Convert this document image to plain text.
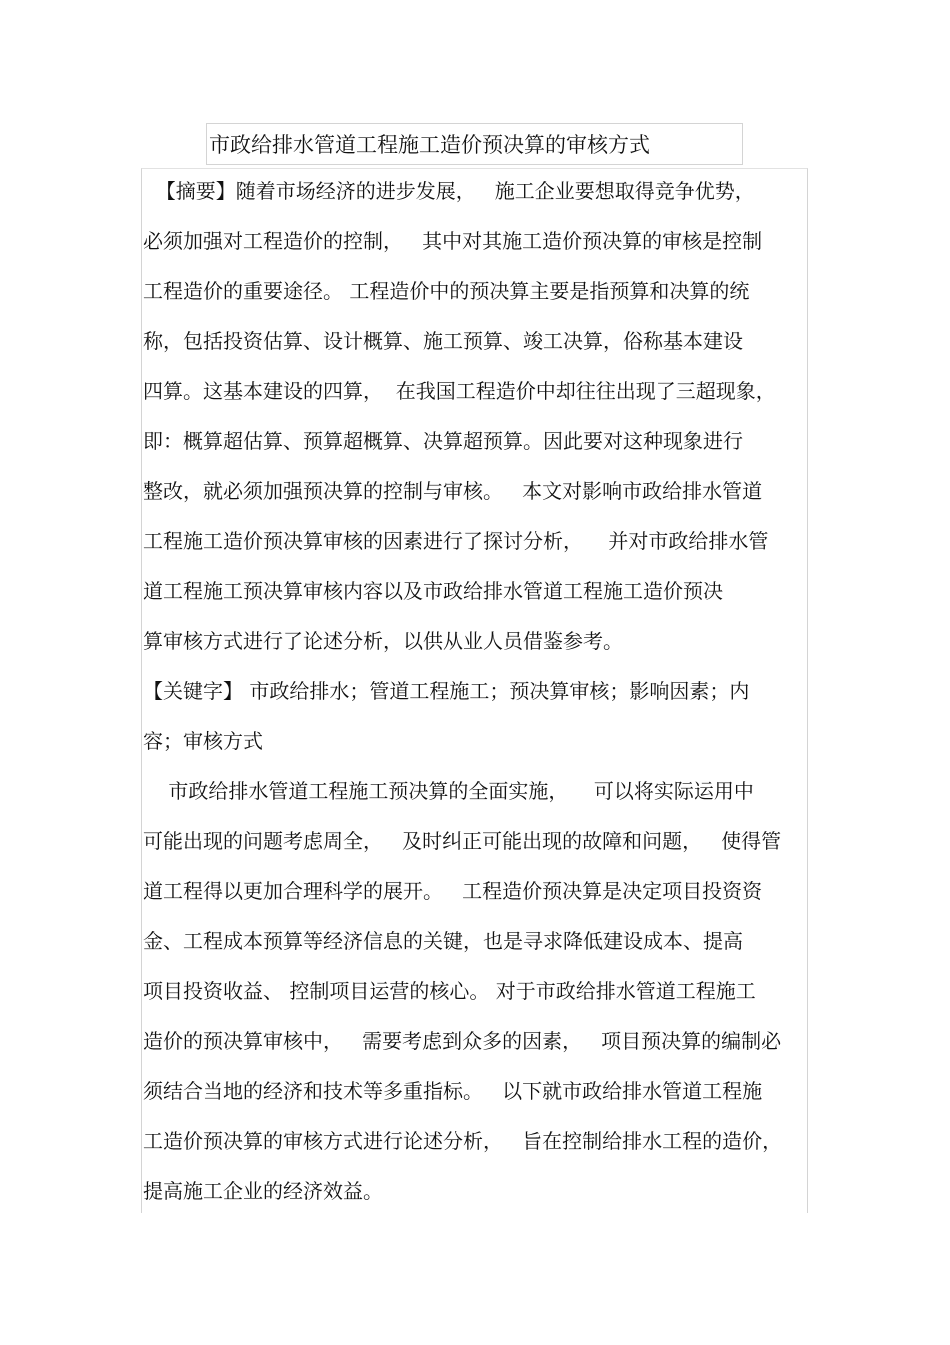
市政给排水管道工程施工造价预决算的审核方式
【摘要】随着市场经济的进步发展，   施工企业要想取得竞争优势，
必须加强对工程造价的控制，   其中对其施工造价预决算的审核是控制
工程造价的重要途径。 工程造价中的预决算主要是指预算和决算的统
称，包括投资估算、设计概算、施工预算、竣工决算，俗称基本建设
四算。这基本建设的四算，  在我国工程造价中却往往出现了三超现象，
即：概算超估算、预算超概算、决算超预算。因此要对这种现象进行
整改，就必须加强预决算的控制与审核。   本文对影响市政给排水管道
工程施工造价预决算审核的因素进行了探讨分析，    并对市政给排水管
道工程施工预决算审核内容以及市政给排水管道工程施工造价预决
算审核方式进行了论述分析，以供从业人员借鉴参考。
【关键字】 市政给排水；管道工程施工；预决算审核；影响因素；内
容；审核方式
市政给排水管道工程施工预决算的全面实施，    可以将实际运用中
可能出现的问题考虑周全，   及时纠正可能出现的故障和问题，   使得管
道工程得以更加合理科学的展开。   工程造价预决算是决定项目投资资
金、工程成本预算等经济信息的关键，也是寻求降低建设成本、提高
项目投资收益、 控制项目运营的核心。 对于市政给排水管道工程施工
造价的预决算审核中，   需要考虑到众多的因素，   项目预决算的编制必
须结合当地的经济和技术等多重指标。   以下就市政给排水管道工程施
工造价预决算的审核方式进行论述分析，   旨在控制给排水工程的造价，
提高施工企业的经济效益。
